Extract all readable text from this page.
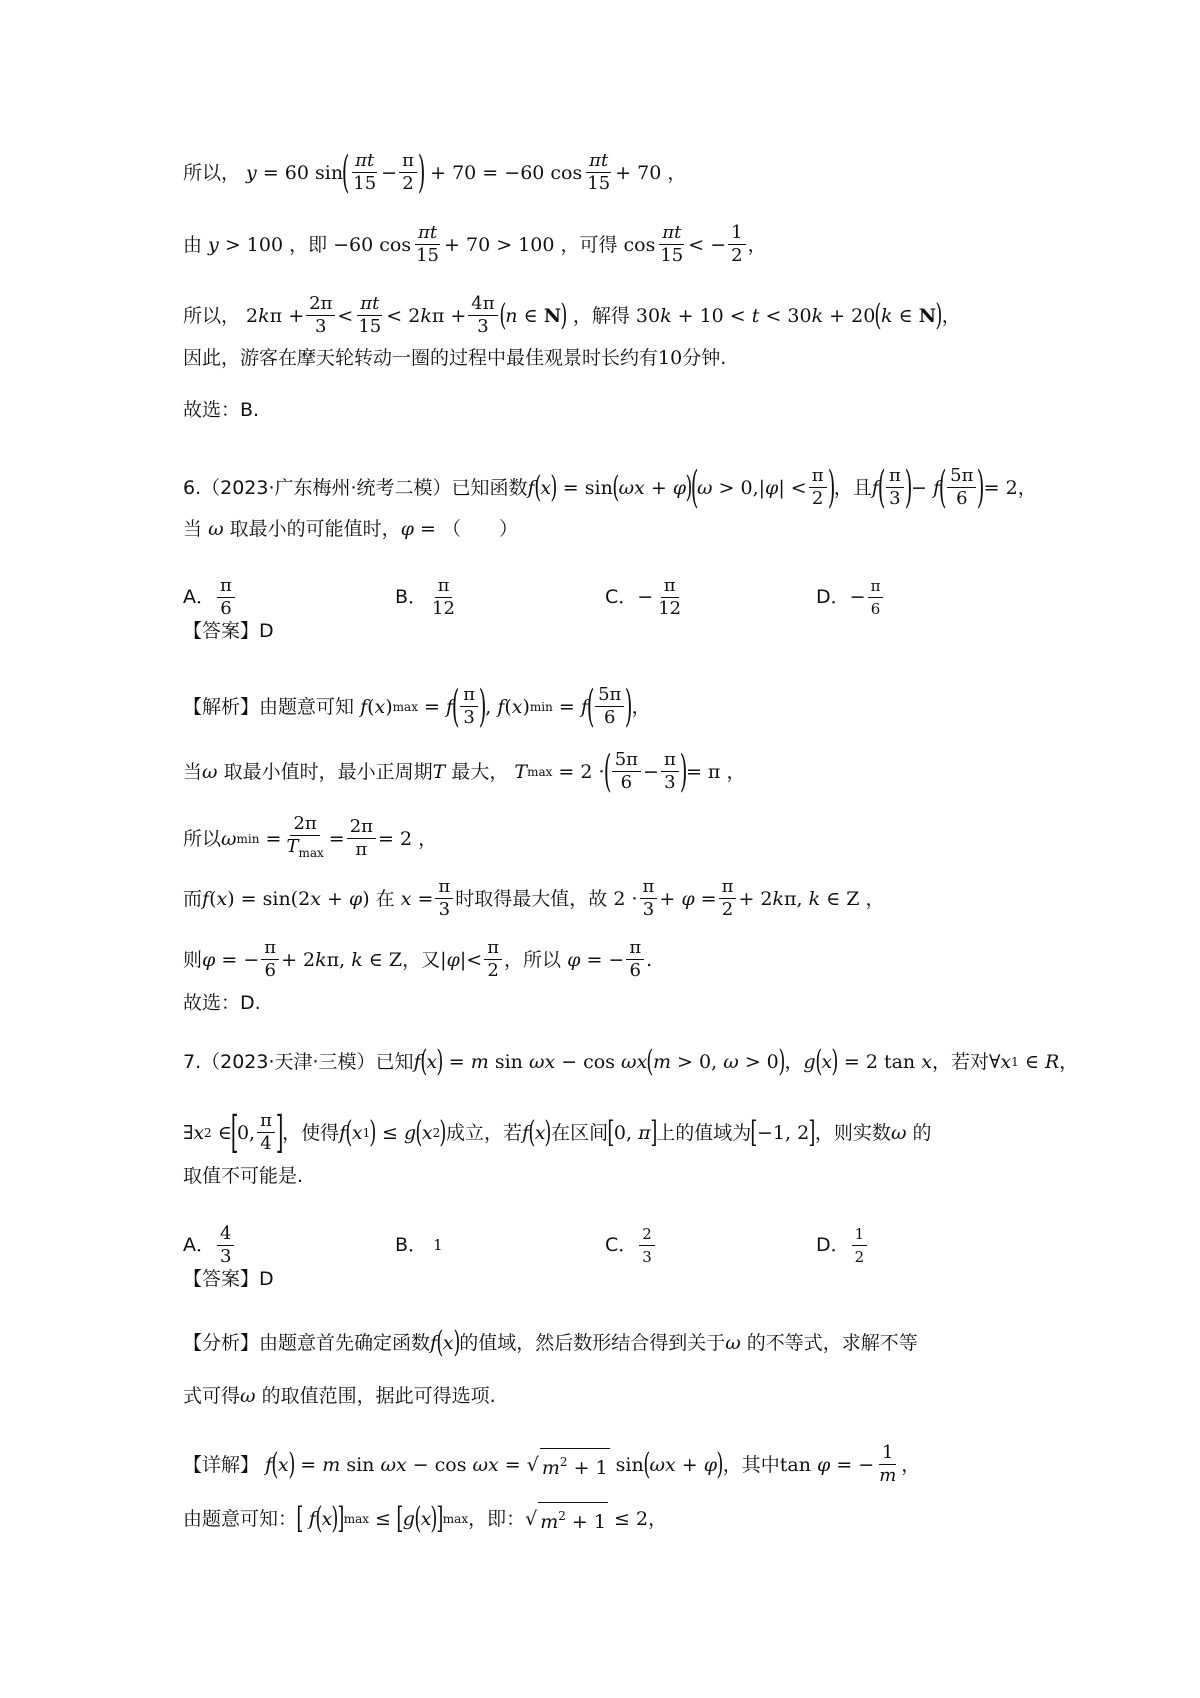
所以， y = 60 sin
( $\frac{\pi t}{15} - \frac{\pi}{2}$ )
+ 70 = −60 $\cos \frac{\pi t}{15} + 70$ ，
由 y > 100 ，即 −60 $\cos \frac{\pi t}{15} + 70 > 100$ ，可得 $\cos \frac{\pi t}{15}$ < − $\frac{1}{2}$ ，
所以， 2 k $\pi + \frac{2\pi}{3} < \frac{\pi t}{15} < 2$ k $\pi + \frac{4\pi}{3}$ ( n ∈ N ) ，解得 30 k + 10 < t < 30 k + 20 ( k ∈ N ) ，
因此，游客在摩天轮转动一圈的过程中最佳观景时长约有 10 分钟.
故选：B.
6.（2023·广东梅州·统考二模）已知函数 f ( x ) = sin ( ωx + φ )
(
ω > 0,| φ | < $\frac{\pi}{2}$ )
，且 f
( $\frac{\pi}{3}$ )
− f
( $\frac{5\pi}{6}$ )
= 2 ，
当
ω
取最小的可能值时， φ = （　　）
A． $\frac{\pi}{6}$	B． $\frac{\pi}{12}$	C． − $\frac{\pi}{12}$	D． − $\frac{\pi}{6}$
【答案】D
【解析】由题意可知
f ( x ) max = f
( $\frac{\pi}{3}$ )
, f ( x ) min = f
( $\frac{5\pi}{6}$ )
，
当 ω
取最小值时，最小正周期 T
最大，
T max = 2 ·
( $\frac{5\pi}{6} - \frac{\pi}{3}$ )
= π ，
所以 ω $\min = \frac{2\pi}{T_{max}} = \frac{2\pi}{\pi} = 2$ ，
而 f ( x ) = sin(2 x + φ ) 在
$x = \frac{\pi}{3}$ 时取得最大值，故 $2 \cdot \frac{\pi}{3} + \varphi = \frac{\pi}{2} + 2$ k π, k ∈ Z ，
则 φ = − $\frac{\pi}{6} + 2$ k π, k ∈ Z ，又 | φ |< $\frac{\pi}{2}$ ，所以
φ = − $\frac{\pi}{6}$ .
故选：D.
7.（2023·天津·三模）已知 f ( x ) = m sin ωx − cos ωx ( m > 0, ω > 0 ) ， g ( x ) = 2 tan x ，若对 ∀ x 1 ∈ R ，
∃ x 2 ∈
[
0, $\frac{\pi}{4}$ ]
，使得 f ( x 1 ) ≤ g ( x 2 ) 成立，若 f ( x ) 在区间 [ 0, π ] 上的值域为 [ −1, 2 ] ，则实数 ω
的
取值不可能是.
A． $\frac{4}{3}$	B．
1	C． $\frac{2}{3}$	D． $\frac{1}{2}$
【答案】D
【分析】由题意首先确定函数 f ( x ) 的值域，然后数形结合得到关于 ω
的不等式，求解不等
式可得 ω
的取值范围，据此可得选项.
【详解】
f ( x ) = m sin ωx − cos ωx = √ $m^2 + 1$ sin ( ωx + φ ) ，其中 tan φ = − $\frac{1}{m}$ ，
由题意可知： [
f ( x )
] max ≤ [ g ( x )
] max ，即： √ $m^2 + 1 \le 2$ ，
